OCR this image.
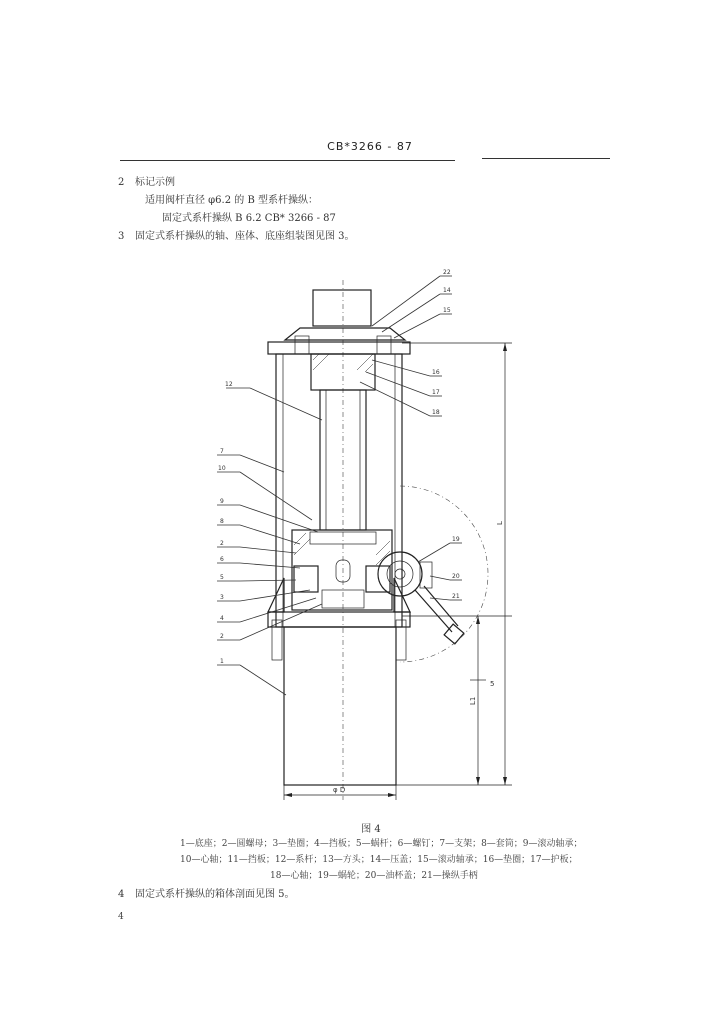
CB*3266 - 87
2 标记示例
适用阀杆直径 φ6.2 的 B 型系杆操纵：
固定式系杆操纵 B 6.2 CB* 3266 - 87
3 固定式系杆操纵的轴、座体、底座组装图见图 3。
L
L1
5
φ D
12
7
10
9
8
2
6
5
3
4
2
1
22
14
15
16
17
18
19
20
21
图 4
1—底座；2—圆螺母；3—垫圈；4—挡板；5—蜗杆；6—螺钉；7—支架；8—套筒；9—滚动轴承；
10—心轴；11—挡板；12—系杆；13—方头；14—压盖；15—滚动轴承；16—垫圈；17—护板；
18—心轴；19—蜗轮；20—油杯盖；21—操纵手柄
4 固定式系杆操纵的箱体剖面见图 5。
4
